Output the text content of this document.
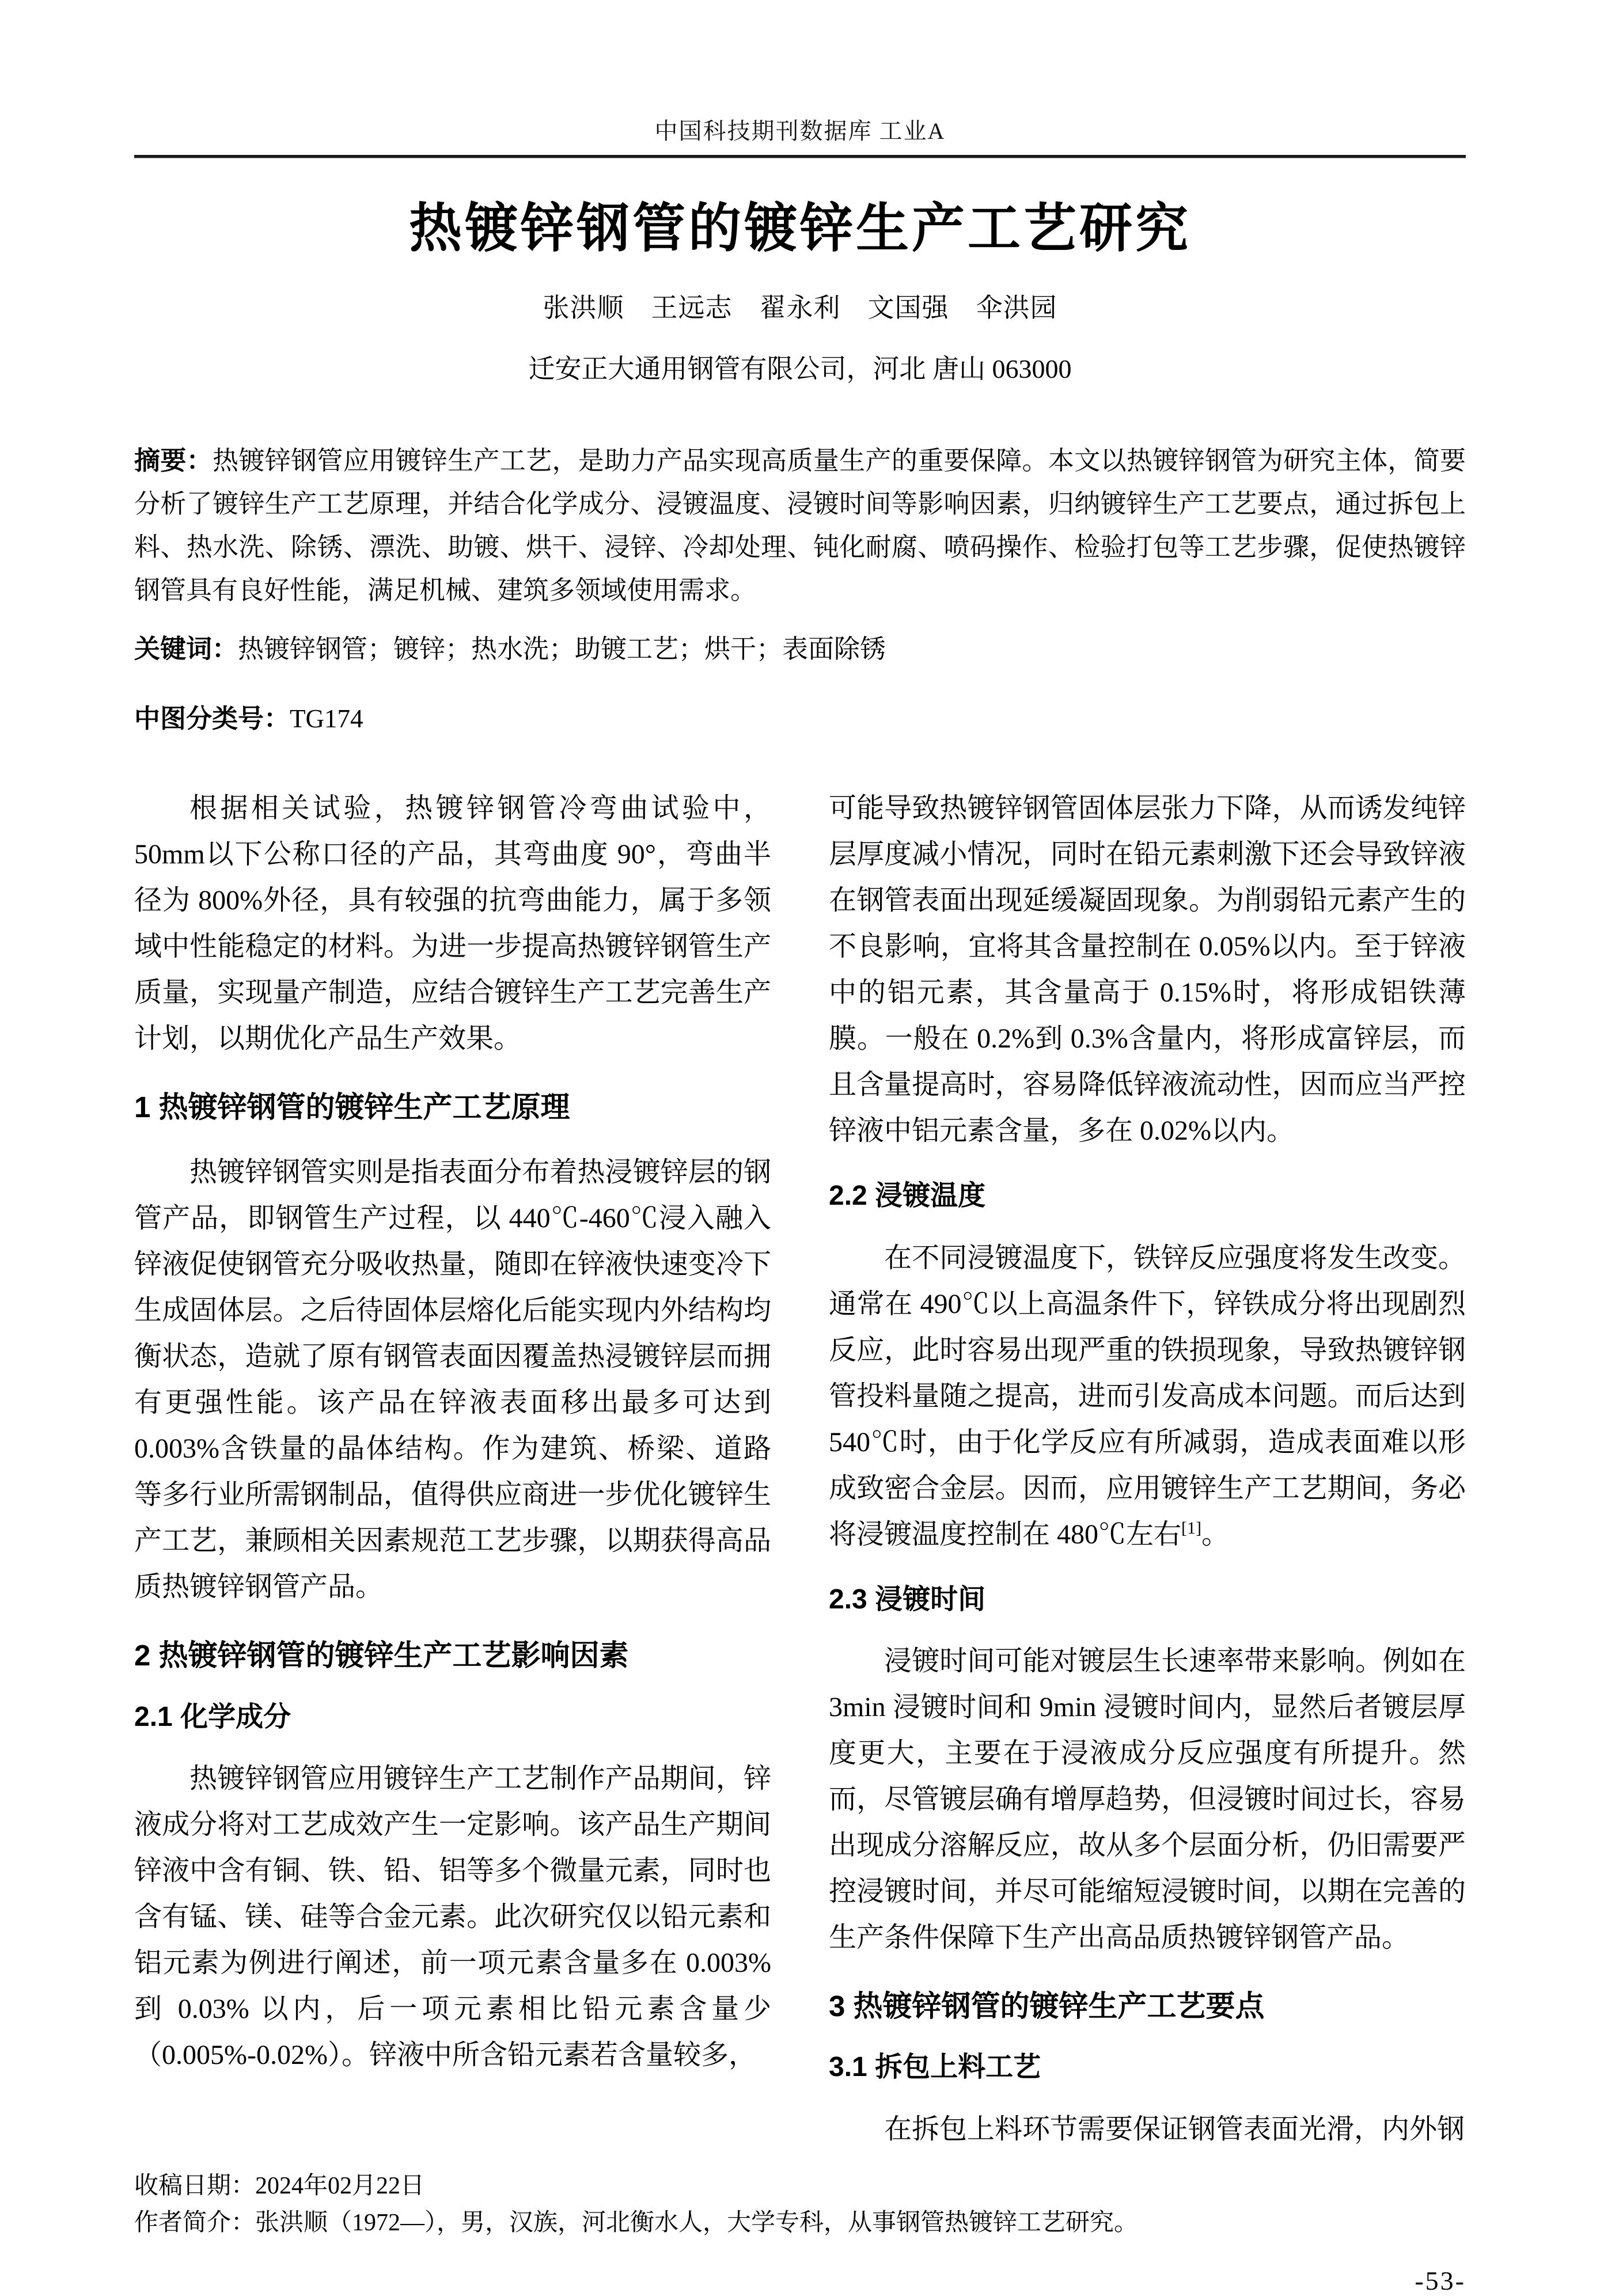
中国科技期刊数据库 工业A
热镀锌钢管的镀锌生产工艺研究
张洪顺　王远志　翟永利　文国强　伞洪园
迁安正大通用钢管有限公司，河北 唐山 063000

摘要：热镀锌钢管应用镀锌生产工艺，是助力产品实现高质量生产的重要保障。本文以热镀锌钢管为研究主体，简要分析了镀锌生产工艺原理，并结合化学成分、浸镀温度、浸镀时间等影响因素，归纳镀锌生产工艺要点，通过拆包上料、热水洗、除锈、漂洗、助镀、烘干、浸锌、冷却处理、钝化耐腐、喷码操作、检验打包等工艺步骤，促使热镀锌钢管具有良好性能，满足机械、建筑多领域使用需求。

关键词：热镀锌钢管；镀锌；热水洗；助镀工艺；烘干；表面除锈

中图分类号：TG174

根据相关试验，热镀锌钢管冷弯曲试验中，50mm以下公称口径的产品，其弯曲度 90°，弯曲半径为 800%外径，具有较强的抗弯曲能力，属于多领域中性能稳定的材料。为进一步提高热镀锌钢管生产质量，实现量产制造，应结合镀锌生产工艺完善生产计划，以期优化产品生产效果。

1 热镀锌钢管的镀锌生产工艺原理

热镀锌钢管实则是指表面分布着热浸镀锌层的钢管产品，即钢管生产过程，以 440℃-460℃浸入融入锌液促使钢管充分吸收热量，随即在锌液快速变冷下生成固体层。之后待固体层熔化后能实现内外结构均衡状态，造就了原有钢管表面因覆盖热浸镀锌层而拥有更强性能。该产品在锌液表面移出最多可达到 0.003%含铁量的晶体结构。作为建筑、桥梁、道路等多行业所需钢制品，值得供应商进一步优化镀锌生产工艺，兼顾相关因素规范工艺步骤，以期获得高品质热镀锌钢管产品。

2 热镀锌钢管的镀锌生产工艺影响因素
2.1 化学成分

热镀锌钢管应用镀锌生产工艺制作产品期间，锌液成分将对工艺成效产生一定影响。该产品生产期间锌液中含有铜、铁、铅、铝等多个微量元素，同时也含有锰、镁、硅等合金元素。此次研究仅以铅元素和铝元素为例进行阐述，前一项元素含量多在 0.003%到 0.03% 以内，后一项元素相比铅元素含量少（0.005%-0.02%）。锌液中所含铅元素若含量较多，

可能导致热镀锌钢管固体层张力下降，从而诱发纯锌层厚度减小情况，同时在铅元素刺激下还会导致锌液在钢管表面出现延缓凝固现象。为削弱铅元素产生的不良影响，宜将其含量控制在 0.05%以内。至于锌液中的铝元素，其含量高于 0.15%时，将形成铝铁薄膜。一般在 0.2%到 0.3%含量内，将形成富锌层，而且含量提高时，容易降低锌液流动性，因而应当严控锌液中铝元素含量，多在 0.02%以内。

2.2 浸镀温度

在不同浸镀温度下，铁锌反应强度将发生改变。通常在 490℃以上高温条件下，锌铁成分将出现剧烈反应，此时容易出现严重的铁损现象，导致热镀锌钢管投料量随之提高，进而引发高成本问题。而后达到 540℃时，由于化学反应有所减弱，造成表面难以形成致密合金层。因而，应用镀锌生产工艺期间，务必将浸镀温度控制在 480℃左右[1]。

2.3 浸镀时间

浸镀时间可能对镀层生长速率带来影响。例如在 3min 浸镀时间和 9min 浸镀时间内，显然后者镀层厚度更大，主要在于浸液成分反应强度有所提升。然而，尽管镀层确有增厚趋势，但浸镀时间过长，容易出现成分溶解反应，故从多个层面分析，仍旧需要严控浸镀时间，并尽可能缩短浸镀时间，以期在完善的生产条件保障下生产出高品质热镀锌钢管产品。

3 热镀锌钢管的镀锌生产工艺要点
3.1 拆包上料工艺

在拆包上料环节需要保证钢管表面光滑，内外钢

收稿日期：2024年02月22日
作者简介：张洪顺（1972—），男，汉族，河北衡水人，大学专科，从事钢管热镀锌工艺研究。
-53-
